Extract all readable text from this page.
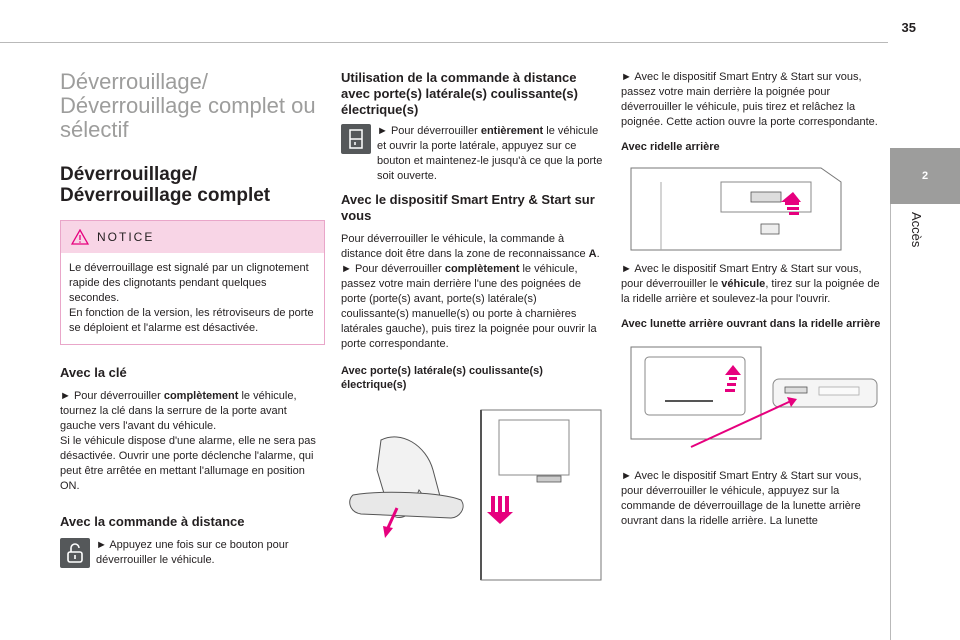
35
2
Accès
Déverrouillage/ Déverrouillage complet ou sélectif
Déverrouillage/ Déverrouillage complet
NOTICE

Le déverrouillage est signalé par un clignotement rapide des clignotants pendant quelques secondes.

En fonction de la version, les rétroviseurs de porte se déploient et l'alarme est désactivée.

Avec la clé

► Pour déverrouiller complètement le véhicule, tournez la clé dans la serrure de la porte avant gauche vers l'avant du véhicule.

Si le véhicule dispose d'une alarme, elle ne sera pas désactivée. Ouvrir une porte déclenche l'alarme, qui peut être arrêtée en mettant l'allumage en position ON.

Avec la commande à distance

► Appuyez une fois sur ce bouton pour déverrouiller le véhicule.

Utilisation de la commande à distance avec porte(s) latérale(s) coulissante(s) électrique(s)

► Pour déverrouiller entièrement le véhicule et ouvrir la porte latérale, appuyez sur ce bouton et maintenez-le jusqu'à ce que la porte soit ouverte.

Avec le dispositif Smart Entry & Start sur vous

Pour déverrouiller le véhicule, la commande à distance doit être dans la zone de reconnaissance A.

► Pour déverrouiller complètement le véhicule, passez votre main derrière l'une des poignées de porte (porte(s) avant, porte(s) latérale(s) coulissante(s) manuelle(s) ou porte à charnières latérales gauche), puis tirez la poignée pour ouvrir la porte correspondante.

Avec porte(s) latérale(s) coulissante(s) électrique(s)

► Avec le dispositif Smart Entry & Start sur vous, passez votre main derrière la poignée pour déverrouiller le véhicule, puis tirez et relâchez la poignée. Cette action ouvre la porte correspondante.

Avec ridelle arrière

► Avec le dispositif Smart Entry & Start sur vous, pour déverrouiller le véhicule, tirez sur la poignée de la ridelle arrière et soulevez-la pour l'ouvrir.

Avec lunette arrière ouvrant dans la ridelle arrière

► Avec le dispositif Smart Entry & Start sur vous, pour déverrouiller le véhicule, appuyez sur la commande de déverrouillage de la lunette arrière ouvrant dans la ridelle arrière. La lunette
